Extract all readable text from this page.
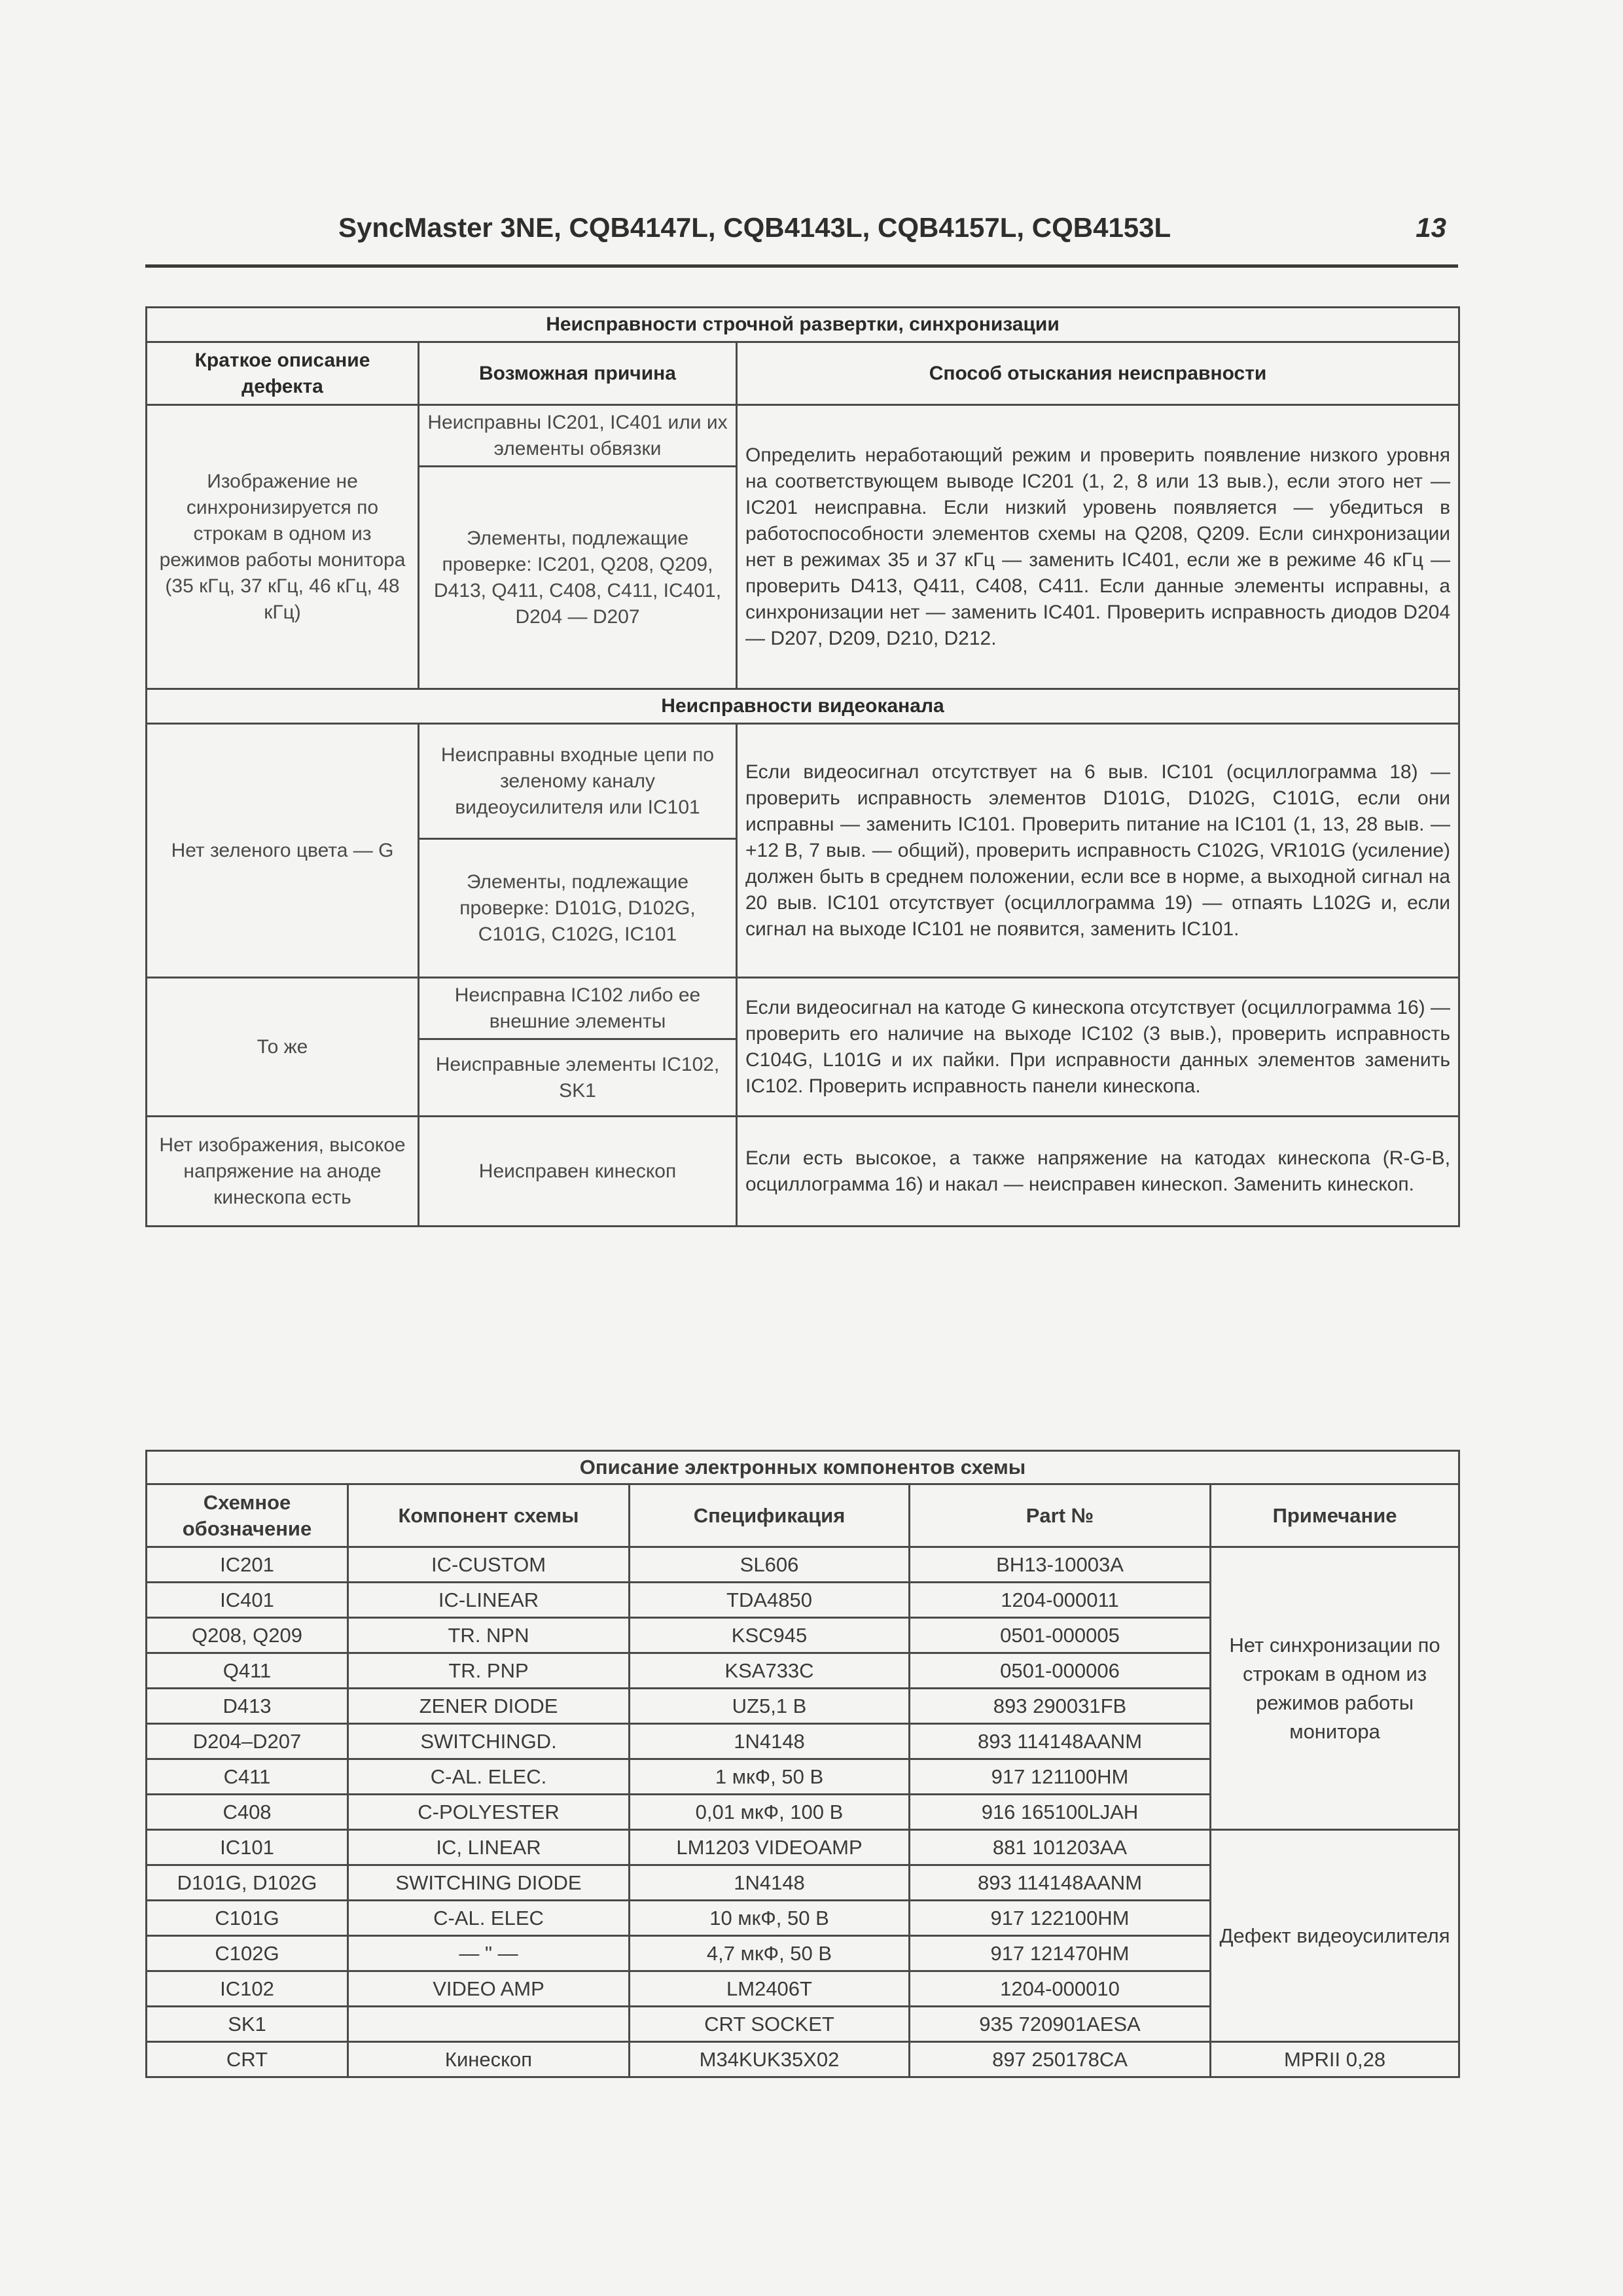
SyncMaster 3NE, CQB4147L, CQB4143L, CQB4157L, CQB4153L	13
Неисправности строчной развертки, синхронизации		
Краткое описание дефекта	Возможная причина	Способ отыскания неисправности
Изображение не синхронизируется по строкам в одном из режимов работы монитора (35 кГц, 37 кГц, 46 кГц, 48 кГц)	Неисправны IC201, IC401 или их элементы обвязки	Определить неработающий режим и проверить появление низкого уровня на соответствующем выводе IC201 (1, 2, 8 или 13 выв.), если этого нет — IC201 неисправна. Если низкий уровень появляется — убедиться в работоспособности элементов схемы на Q208, Q209. Если синхронизации нет в режимах 35 и 37 кГц — заменить IC401, если же в режиме 46 кГц — проверить D413, Q411, C408, C411. Если данные элементы исправны, а синхронизации нет — заменить IC401. Проверить исправность диодов D204 — D207, D209, D210, D212.
	Элементы, подлежащие проверке: IC201, Q208, Q209, D413, Q411, C408, C411, IC401, D204 — D207	
Неисправности видеоканала		
Нет зеленого цвета — G	Неисправны входные цепи по зеленому каналу видеоусилителя или IC101	Если видеосигнал отсутствует на 6 выв. IC101 (осциллограмма 18) — проверить исправность элементов D101G, D102G, C101G, если они исправны — заменить IC101. Проверить питание на IC101 (1, 13, 28 выв. — +12 В, 7 выв. — общий), проверить исправность C102G, VR101G (усиление) должен быть в среднем положении, если все в норме, а выходной сигнал на 20 выв. IC101 отсутствует (осциллограмма 19) — отпаять L102G и, если сигнал на выходе IC101 не появится, заменить IC101.
	Элементы, подлежащие проверке: D101G, D102G, C101G, C102G, IC101	
То же	Неисправна IC102 либо ее внешние элементы	Если видеосигнал на катоде G кинескопа отсутствует (осциллограмма 16) — проверить его наличие на выходе IC102 (3 выв.), проверить исправность C104G, L101G и их пайки. При исправности данных элементов заменить IC102. Проверить исправность панели кинескопа.
	Неисправные элементы IC102, SK1	
Нет изображения, высокое напряжение на аноде кинескопа есть	Неисправен кинескоп	Если есть высокое, а также напряжение на катодах кинескопа (R-G-B, осциллограмма 16) и накал — неисправен кинескоп. Заменить кинескоп.
Описание электронных компонентов схемы				
Схемное обозначение	Компонент схемы	Спецификация	Part №	Примечание
IC201	IC-CUSTOM	SL606	BH13-10003A	Нет синхронизации по строкам в одном из режимов работы монитора
IC401	IC-LINEAR	TDA4850	1204-000011	
Q208, Q209	TR. NPN	KSC945	0501-000005	
Q411	TR. PNP	KSA733C	0501-000006	
D413	ZENER DIODE	UZ5,1 B	893 290031FB	
D204–D207	SWITCHINGD.	1N4148	893 114148AANM	
C411	C-AL. ELEC.	1 мкФ, 50 В	917 121100HM	
C408	C-POLYESTER	0,01 мкФ, 100 В	916 165100LJAH	
IC101	IC, LINEAR	LM1203 VIDEOAMP	881 101203AA	Дефект видеоусилителя
D101G, D102G	SWITCHING DIODE	1N4148	893 114148AANM	
C101G	C-AL. ELEC	10 мкФ, 50 В	917 122100HM	
C102G	— " —	4,7 мкФ, 50 В	917 121470HM	
IC102	VIDEO AMP	LM2406T	1204-000010	
SK1		CRT SOCKET	935 720901AESA	
CRT	Кинескоп	M34KUK35X02	897 250178CA	MPRII 0,28
